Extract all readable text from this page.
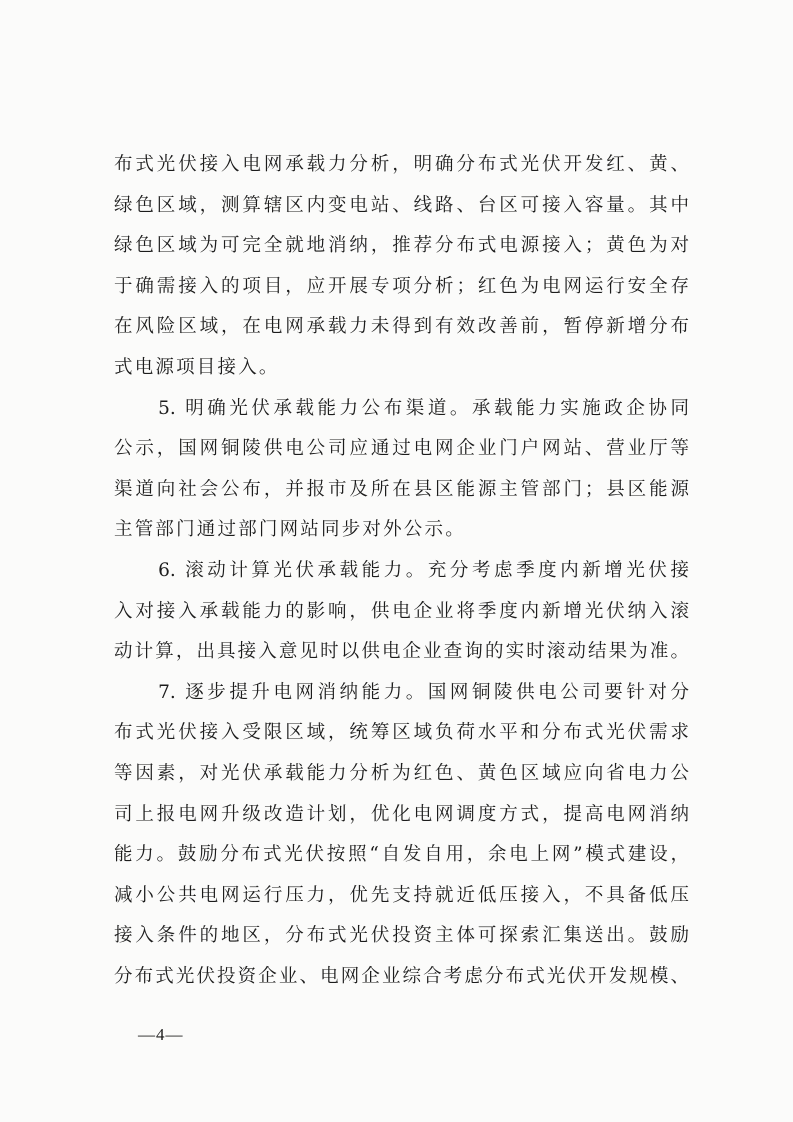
布式光伏接入电网承载力分析，明确分布式光伏开发红、黄、
绿色区域，测算辖区内变电站、线路、台区可接入容量。其中
绿色区域为可完全就地消纳，推荐分布式电源接入；黄色为对
于确需接入的项目，应开展专项分析；红色为电网运行安全存
在风险区域，在电网承载力未得到有效改善前，暂停新增分布
式电源项目接入。
　　5. 明确光伏承载能力公布渠道。承载能力实施政企协同
公示，国网铜陵供电公司应通过电网企业门户网站、营业厅等
渠道向社会公布，并报市及所在县区能源主管部门；县区能源
主管部门通过部门网站同步对外公示。
　　6. 滚动计算光伏承载能力。充分考虑季度内新增光伏接
入对接入承载能力的影响，供电企业将季度内新增光伏纳入滚
动计算，出具接入意见时以供电企业查询的实时滚动结果为准。
　　7. 逐步提升电网消纳能力。国网铜陵供电公司要针对分
布式光伏接入受限区域，统筹区域负荷水平和分布式光伏需求
等因素，对光伏承载能力分析为红色、黄色区域应向省电力公
司上报电网升级改造计划，优化电网调度方式，提高电网消纳
能力。鼓励分布式光伏按照“自发自用，余电上网”模式建设，
减小公共电网运行压力，优先支持就近低压接入，不具备低压
接入条件的地区，分布式光伏投资主体可探索汇集送出。鼓励
分布式光伏投资企业、电网企业综合考虑分布式光伏开发规模、
—4—
